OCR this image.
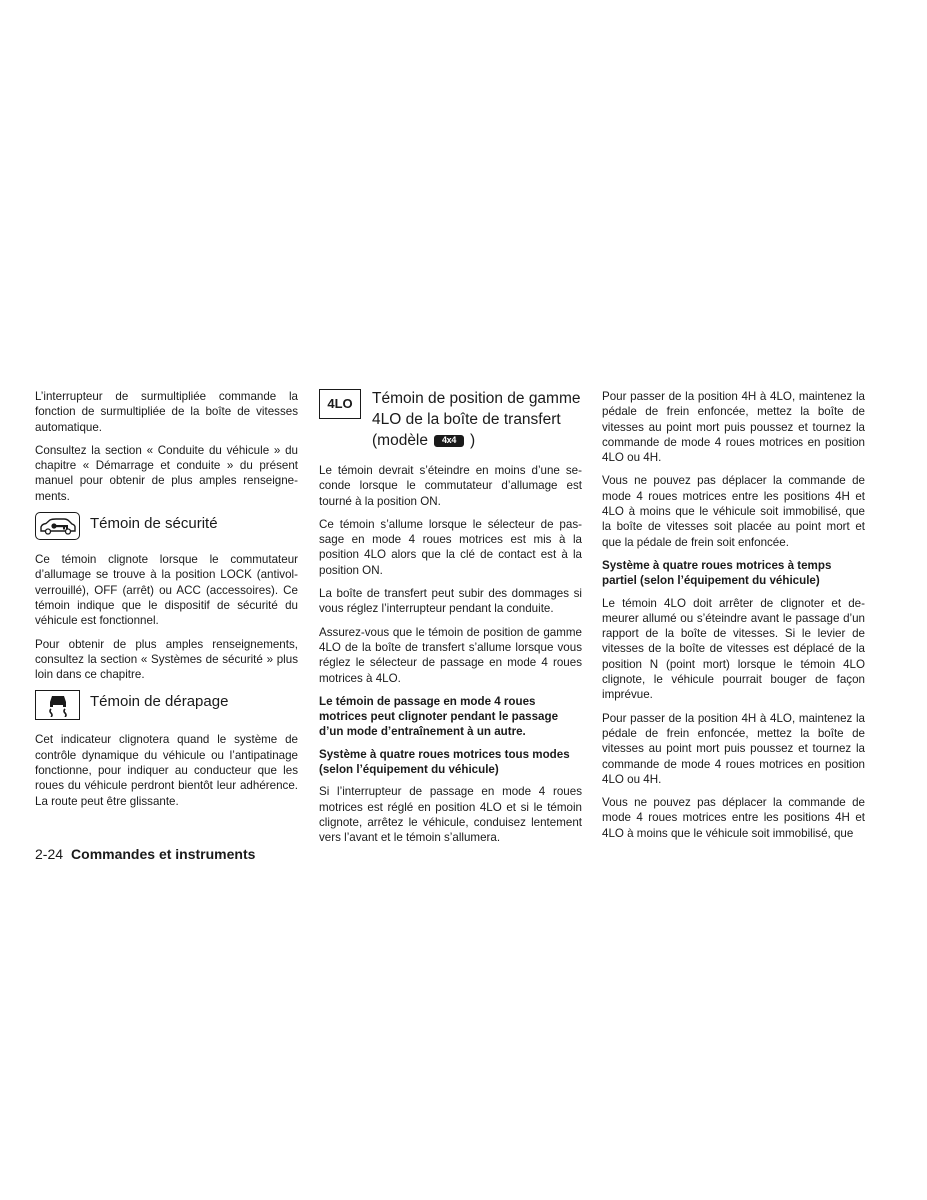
L’interrupteur de surmultipliée commande la fonction de surmultipliée de la boîte de vitesses automatique.

Consultez la section « Conduite du véhicule » du chapitre « Démarrage et conduite » du présent manuel pour obtenir de plus amples renseignements.

Témoin de sécurité

Ce témoin clignote lorsque le commutateur d’allumage se trouve à la position LOCK (antivolverrouillé), OFF (arrêt) ou ACC (accessoires). Ce témoin indique que le dispositif de sécurité du véhicule est fonctionnel.

Pour obtenir de plus amples renseignements, consultez la section « Systèmes de sécurité » plus loin dans ce chapitre.

Témoin de dérapage

Cet indicateur clignotera quand le système de contrôle dynamique du véhicule ou l’antipatinage fonctionne, pour indiquer au conducteur que les roues du véhicule perdront bientôt leur adhérence. La route peut être glissante.

4LO Témoin de position de gamme 4LO de la boîte de transfert (modèle 4x4 )

Le témoin devrait s’éteindre en moins d’une seconde lorsque le commutateur d’allumage est tourné à la position ON.

Ce témoin s’allume lorsque le sélecteur de passage en mode 4 roues motrices est mis à la position 4LO alors que la clé de contact est à la position ON.

La boîte de transfert peut subir des dommages si vous réglez l’interrupteur pendant la conduite.

Assurez-vous que le témoin de position de gamme 4LO de la boîte de transfert s’allume lorsque vous réglez le sélecteur de passage en mode 4 roues motrices à 4LO.

Le témoin de passage en mode 4 roues motrices peut clignoter pendant le passage d’un mode d’entraînement à un autre.

Système à quatre roues motrices tous modes (selon l’équipement du véhicule)

Si l’interrupteur de passage en mode 4 roues motrices est réglé en position 4LO et si le témoin clignote, arrêtez le véhicule, conduisez lentement vers l’avant et le témoin s’allumera.

Pour passer de la position 4H à 4LO, maintenez la pédale de frein enfoncée, mettez la boîte de vitesses au point mort puis poussez et tournez la commande de mode 4 roues motrices en position 4LO ou 4H.

Vous ne pouvez pas déplacer la commande de mode 4 roues motrices entre les positions 4H et 4LO à moins que le véhicule soit immobilisé, que la boîte de vitesses soit placée au point mort et que la pédale de frein soit enfoncée.

Système à quatre roues motrices à temps partiel (selon l’équipement du véhicule)

Le témoin 4LO doit arrêter de clignoter et demeurer allumé ou s’éteindre avant le passage d’un rapport de la boîte de vitesses. Si le levier de vitesses de la boîte de vitesses est déplacé de la position N (point mort) lorsque le témoin 4LO clignote, le véhicule pourrait bouger de façon imprévue.

Pour passer de la position 4H à 4LO, maintenez la pédale de frein enfoncée, mettez la boîte de vitesses au point mort puis poussez et tournez la commande de mode 4 roues motrices en position 4LO ou 4H.

Vous ne pouvez pas déplacer la commande de mode 4 roues motrices entre les positions 4H et 4LO à moins que le véhicule soit immobilisé, que

2-24 Commandes et instruments
